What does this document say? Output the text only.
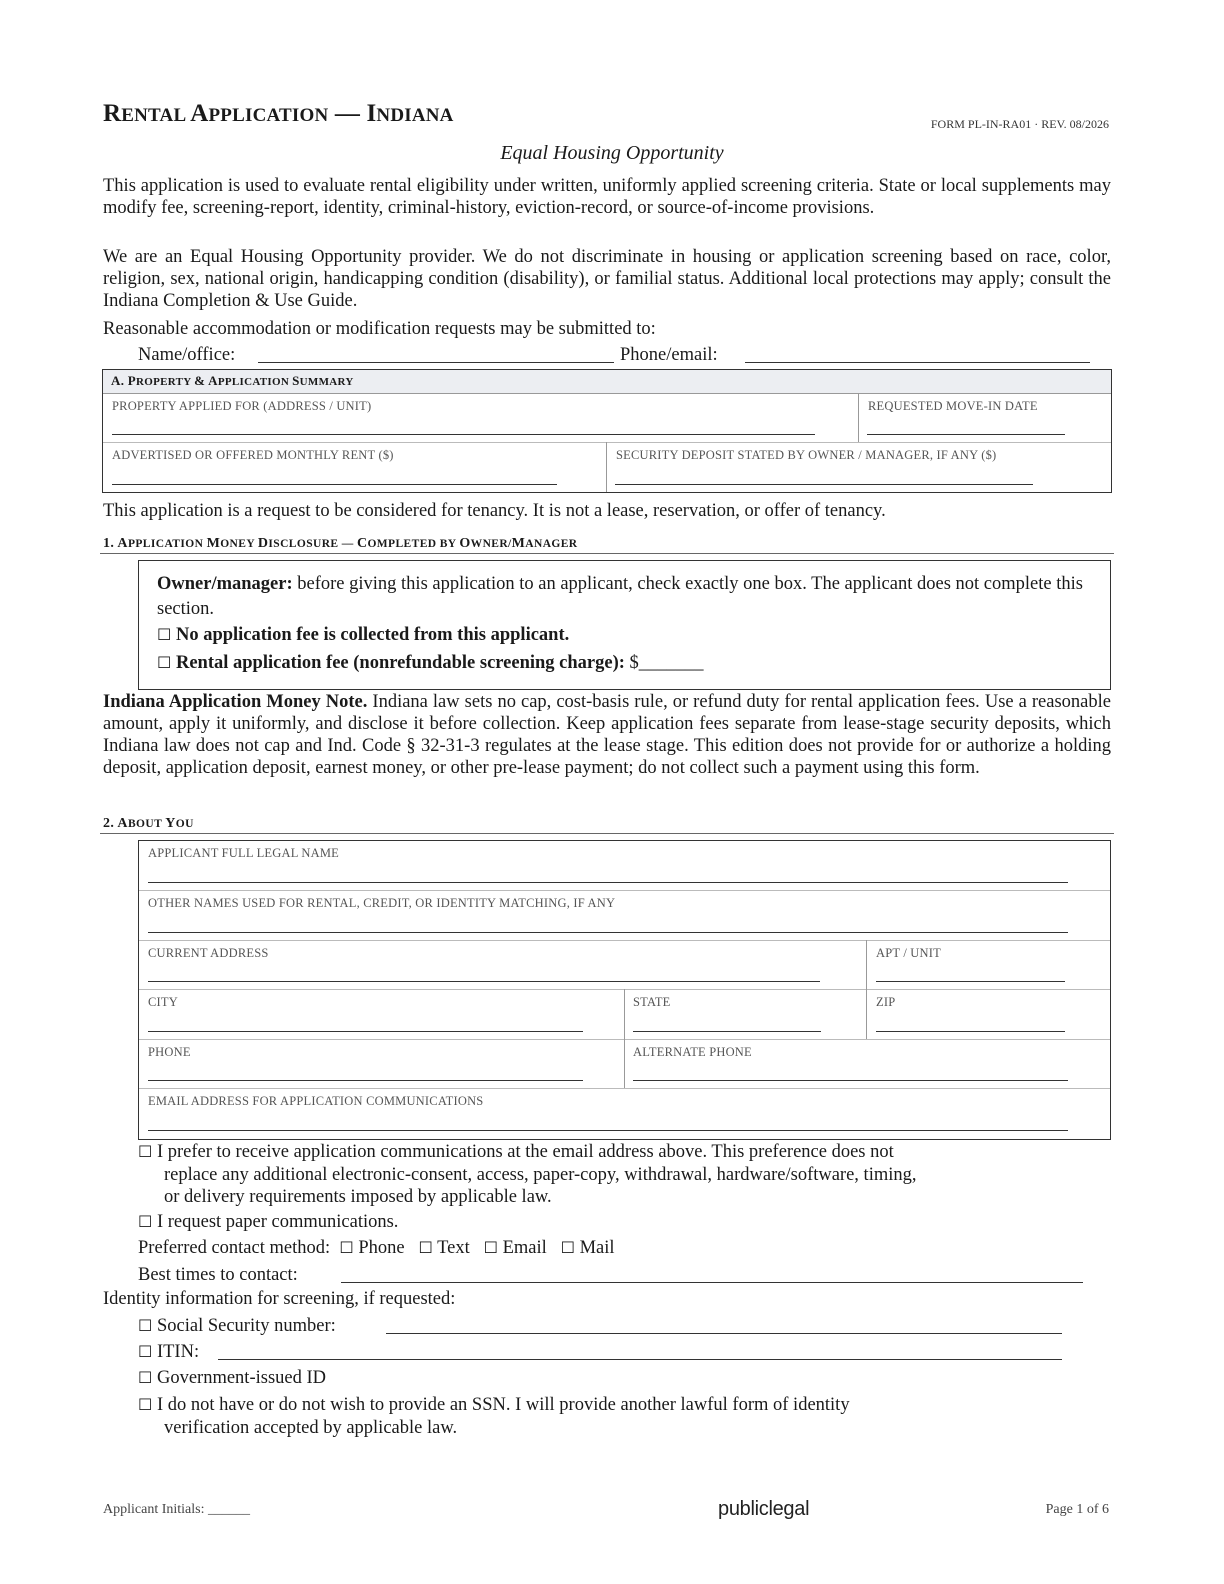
RENTAL APPLICATION — INDIANA	FORM PL-IN-RA01 · REV. 08/2026
Equal Housing Opportunity
This application is used to evaluate rental eligibility under written, uniformly applied screening criteria. State or local supplements may modify fee, screening-report, identity, criminal-history, eviction-record, or source-of-income provisions.
We are an Equal Housing Opportunity provider. We do not discriminate in housing or application screening based on race, color, religion, sex, national origin, handicapping condition (disability), or familial status. Additional local protections may apply; consult the Indiana Completion & Use Guide.
Reasonable accommodation or modification requests may be submitted to:
Name/office:	Phone/email:
A. PROPERTY & APPLICATION SUMMARY
PROPERTY APPLIED FOR (ADDRESS / UNIT)	REQUESTED MOVE-IN DATE
ADVERTISED OR OFFERED MONTHLY RENT ($)	SECURITY DEPOSIT STATED BY OWNER / MANAGER, IF ANY ($)
This application is a request to be considered for tenancy. It is not a lease, reservation, or offer of tenancy.
1. APPLICATION MONEY DISCLOSURE — COMPLETED BY OWNER/MANAGER
Owner/manager: before giving this application to an applicant, check exactly one box. The applicant does not complete this section.
☐ No application fee is collected from this applicant.
☐ Rental application fee (nonrefundable screening charge): $_______
Indiana Application Money Note. Indiana law sets no cap, cost-basis rule, or refund duty for rental application fees. Use a reasonable amount, apply it uniformly, and disclose it before collection. Keep application fees separate from lease-stage security deposits, which Indiana law does not cap and Ind. Code § 32-31-3 regulates at the lease stage. This edition does not provide for or authorize a holding deposit, application deposit, earnest money, or other pre-lease payment; do not collect such a payment using this form.
2. ABOUT YOU
APPLICANT FULL LEGAL NAME
OTHER NAMES USED FOR RENTAL, CREDIT, OR IDENTITY MATCHING, IF ANY
CURRENT ADDRESS	APT / UNIT
CITY	STATE	ZIP
PHONE	ALTERNATE PHONE
EMAIL ADDRESS FOR APPLICATION COMMUNICATIONS
☐ I prefer to receive application communications at the email address above. This preference does not
replace any additional electronic-consent, access, paper-copy, withdrawal, hardware/software, timing,
or delivery requirements imposed by applicable law.
☐ I request paper communications.
Preferred contact method: ☐ Phone ☐ Text ☐ Email ☐ Mail
Best times to contact:
Identity information for screening, if requested:
☐ Social Security number:
☐ ITIN:
☐ Government-issued ID
☐ I do not have or do not wish to provide an SSN. I will provide another lawful form of identity
verification accepted by applicable law.
Applicant Initials: ______	publiclegal	Page 1 of 6
